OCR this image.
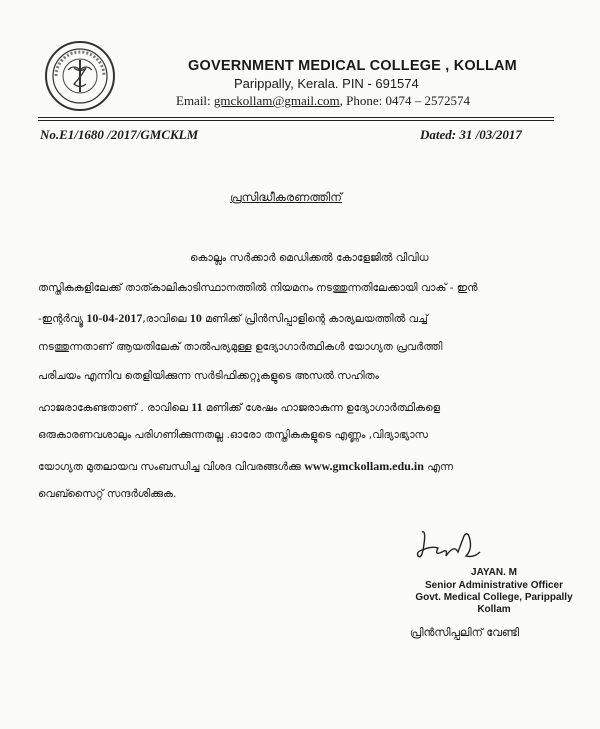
GOVERNMENT MEDICAL COLLEGE , KOLLAM
Parippally, Kerala. PIN - 691574
Email: gmckollam@gmail.com, Phone: 0474 – 2572574
No.E1/1680 /2017/GMCKLM	Dated: 31 /03/2017
പ്രസിദ്ധീകരണത്തിന്
കൊല്ലം സർക്കാർ മെഡിക്കൽ കോളേജിൽ വിവിധ
തസ്തികകളിലേക്ക് താത്കാലികാടിസ്ഥാനത്തിൽ നിയമനം നടത്തുന്നതിലേക്കായി വാക് - ഇൻ
-ഇന്റർവ്യൂ 10-04-2017,രാവിലെ 10 മണിക്ക് പ്രിൻസിപ്പാളിന്റെ കാര്യലയത്തിൽ വച്ച്
നടത്തുന്നതാണ് ആയതിലേക് താൽപര്യമുള്ള ഉദ്യോഗാർത്ഥികൾ യോഗ്യത പ്രവർത്തി
പരിചയം എന്നിവ തെളിയിക്കുന്ന സർടിഫിക്കറ്റുകളുടെ അസൽ സഹിതം
ഹാജരാകേണ്ടതാണ് . രാവിലെ 11 മണിക്ക് ശേഷം ഹാജരാകുന്ന ഉദ്യോഗാർത്ഥികളെ
ഒരുകാരണവശാലും പരിഗണിക്കുന്നതല്ല .ഓരോ തസ്തികകളുടെ എണ്ണം ,വിദ്യാഭ്യാസ
യോഗ്യത മുതലായവ സംബന്ധിച്ച വിശദ വിവരങ്ങൾക്കു www.gmckollam.edu.in എന്ന
വെബ്സൈറ്റ് സന്ദർശിക്കുക.
JAYAN. M
Senior Administrative Officer
Govt. Medical College, Parippally
Kollam
പ്രിൻസിപ്പലിന് വേണ്ടി
